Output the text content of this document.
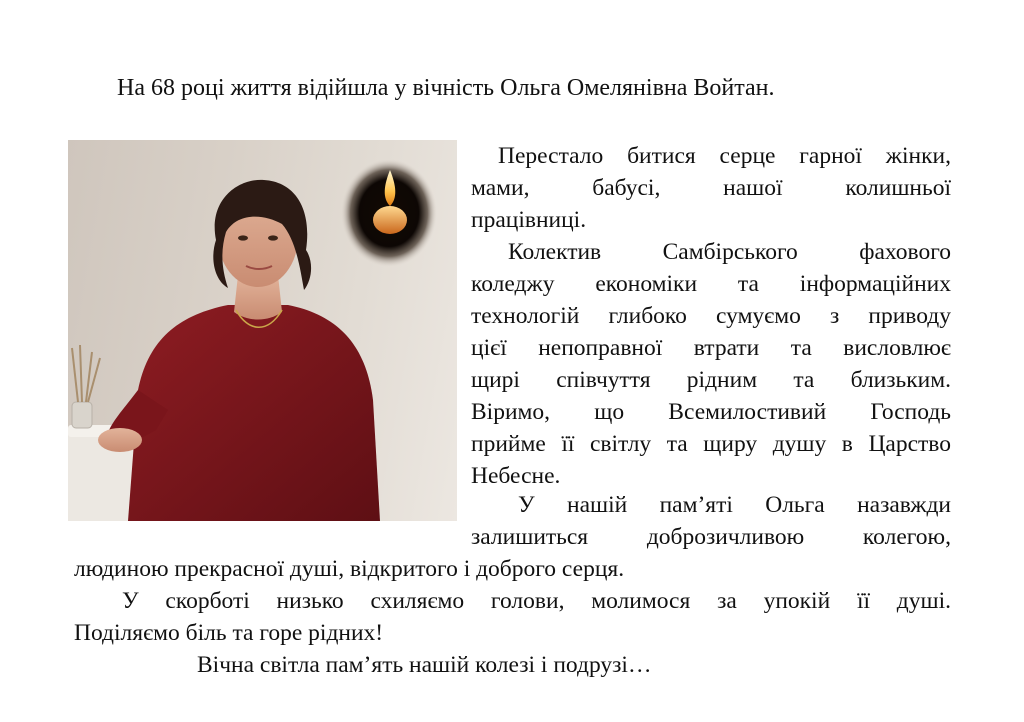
На 68 році життя відійшла у вічність Ольга Омелянівна Войтан.
Перестало битися серце гарної жінки,
мами, бабусі, нашої колишньої
працівниці.
Колектив Самбірського фахового
коледжу економіки та інформаційних
технологій глибоко сумуємо з приводу
цієї непоправної втрати та висловлює
щирі співчуття рідним та близьким.
Віримо, що Всемилостивий Господь
прийме її світлу та щиру душу в Царство
Небесне.
У нашій пам’яті Ольга назавжди
залишиться доброзичливою колегою,
людиною прекрасної душі, відкритого і доброго серця.
У скорботі низько схиляємо голови, молимося за упокій її душі.
Поділяємо біль та горе рідних!
Вічна світла пам’ять нашій колезі і подрузі…
